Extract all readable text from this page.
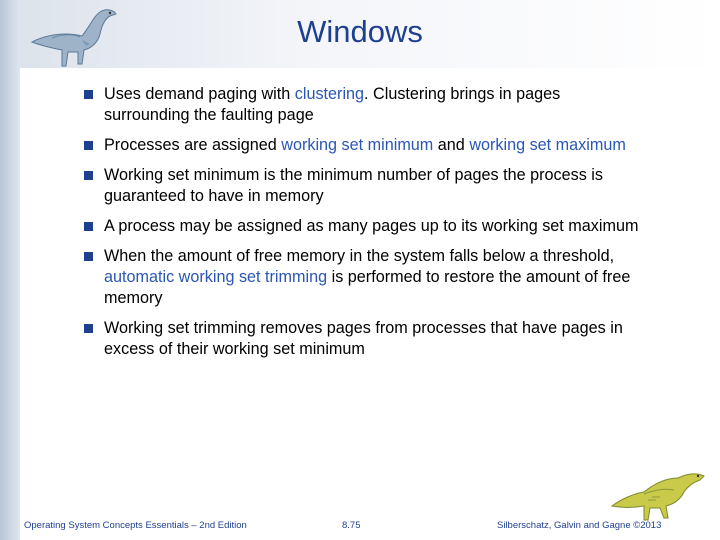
Windows
Uses demand paging with clustering. Clustering brings in pages surrounding the faulting page
Processes are assigned working set minimum and working set maximum
Working set minimum is the minimum number of pages the process is guaranteed to have in memory
A process may be assigned as many pages up to its working set maximum
When the amount of free memory in the system falls below a threshold, automatic working set trimming is performed to restore the amount of free memory
Working set trimming removes pages from processes that have pages in excess of their working set minimum
Operating System Concepts Essentials – 2nd Edition	8.75	Silberschatz, Galvin and Gagne ©2013
